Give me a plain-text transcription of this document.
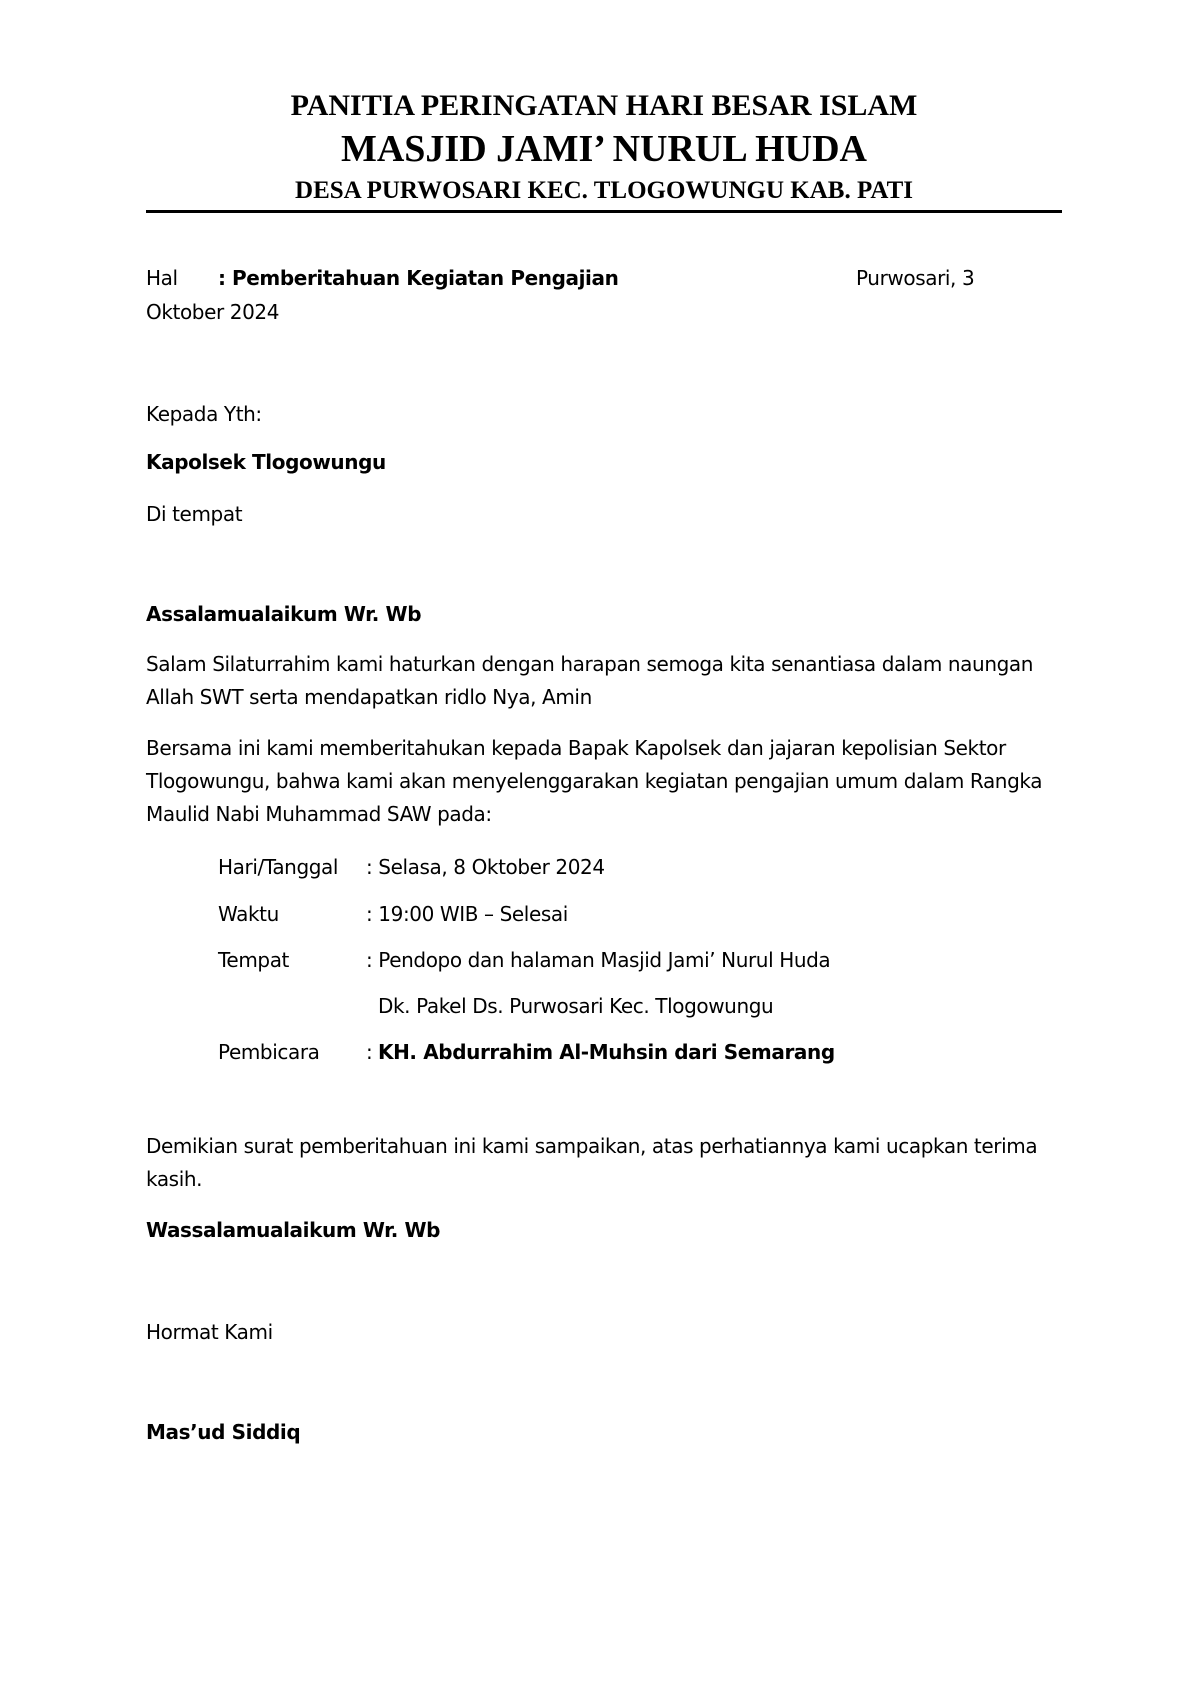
PANITIA PERINGATAN HARI BESAR ISLAM
MASJID JAMI’ NURUL HUDA
DESA PURWOSARI KEC. TLOGOWUNGU KAB. PATI
Hal : Pemberitahuan Kegiatan Pengajian	Purwosari, 3
Oktober 2024
Kepada Yth:
Kapolsek Tlogowungu
Di tempat
Assalamualaikum Wr. Wb
Salam Silaturrahim kami haturkan dengan harapan semoga kita senantiasa dalam naungan
Allah SWT serta mendapatkan ridlo Nya, Amin
Bersama ini kami memberitahukan kepada Bapak Kapolsek dan jajaran kepolisian Sektor
Tlogowungu, bahwa kami akan menyelenggarakan kegiatan pengajian umum dalam Rangka
Maulid Nabi Muhammad SAW pada:
Hari/Tanggal : Selasa, 8 Oktober 2024
Waktu	: 19:00 WIB – Selesai
Tempat	: Pendopo dan halaman Masjid Jami’ Nurul Huda
Dk. Pakel Ds. Purwosari Kec. Tlogowungu
Pembicara : KH. Abdurrahim Al-Muhsin dari Semarang
Demikian surat pemberitahuan ini kami sampaikan, atas perhatiannya kami ucapkan terima
kasih.
Wassalamualaikum Wr. Wb
Hormat Kami
Mas’ud Siddiq
